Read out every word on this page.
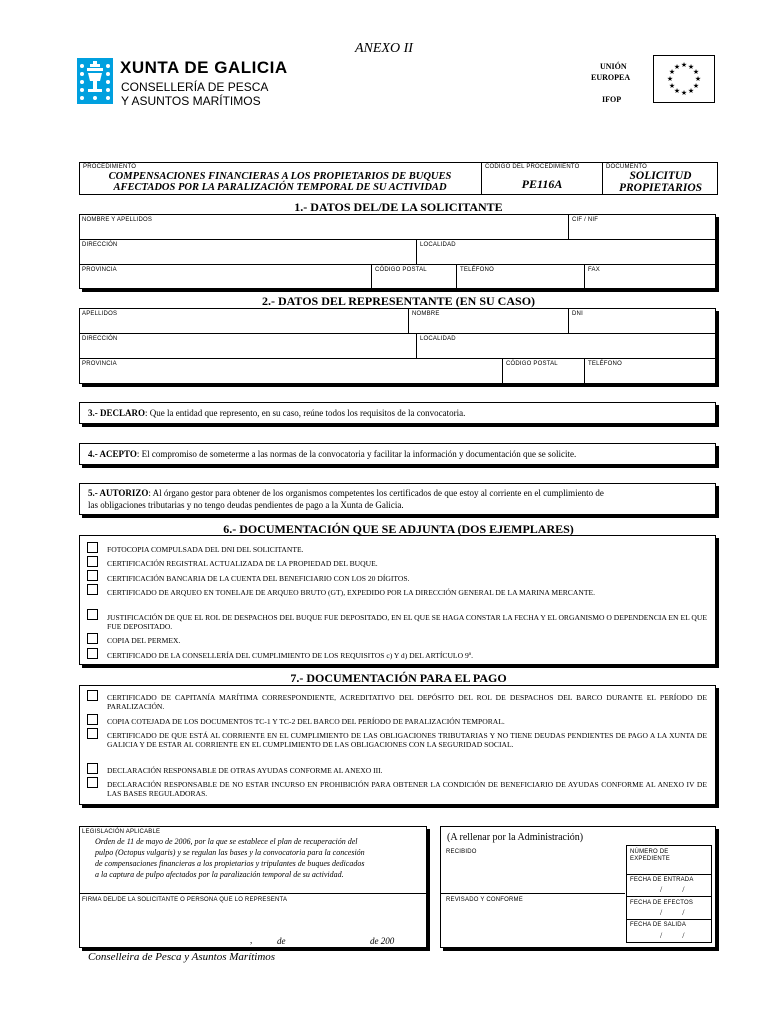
ANEXO II
XUNTA DE GALICIA
CONSELLERÍA DE PESCA
Y ASUNTOS MARÍTIMOS
UNIÓN
EUROPEA
IFOP
★ ★
★
★
★
★
★
★
★
★
★
★
PROCEDIMIENTO
COMPENSACIONES FINANCIERAS A LOS PROPIETARIOS DE BUQUES
AFECTADOS POR LA PARALIZACIÓN TEMPORAL DE SU ACTIVIDAD
CÓDIGO DEL PROCEDIMIENTO
PE116A
DOCUMENTO
SOLICITUD
PROPIETARIOS
1.- DATOS DEL/DE LA SOLICITANTE
NOMBRE Y APELLIDOS	CIF / NIF
DIRECCIÓN	LOCALIDAD
PROVINCIA	CÓDIGO POSTAL	TELÉFONO	FAX
2.- DATOS DEL REPRESENTANTE (EN SU CASO)
APELLIDOS	NOMBRE	DNI
DIRECCIÓN	LOCALIDAD
PROVINCIA	CÓDIGO POSTAL	TELÉFONO
3.- DECLARO: Que la entidad que represento, en su caso, reúne todos los requisitos de la convocatoria.
4.- ACEPTO: El compromiso de someterme a las normas de la convocatoria y facilitar la información y documentación que se solicite.
5.- AUTORIZO: Al órgano gestor para obtener de los organismos competentes los certificados de que estoy al corriente en el cumplimiento de
las obligaciones tributarias y no tengo deudas pendientes de pago a la Xunta de Galicia.
6.- DOCUMENTACIÓN QUE SE ADJUNTA (DOS EJEMPLARES)
FOTOCOPIA COMPULSADA DEL DNI DEL SOLICITANTE.
CERTIFICACIÓN REGISTRAL ACTUALIZADA DE LA PROPIEDAD DEL BUQUE.
CERTIFICACIÓN BANCARIA DE LA CUENTA DEL BENEFICIARIO CON LOS 20 DÍGITOS.
CERTIFICADO DE ARQUEO EN TONELAJE DE ARQUEO BRUTO (GT), EXPEDIDO POR LA DIRECCIÓN GENERAL DE LA MARINA MERCANTE.
JUSTIFICACIÓN DE QUE EL ROL DE DESPACHOS DEL BUQUE FUE DEPOSITADO, EN EL QUE SE HAGA CONSTAR LA FECHA Y EL ORGANISMO O DEPENDENCIA EN EL QUE FUE DEPOSITADO.
COPIA DEL PERMEX.
CERTIFICADO DE LA CONSELLERÍA DEL CUMPLIMIENTO DE LOS REQUISITOS c) Y d) DEL ARTÍCULO 9º.
7.- DOCUMENTACIÓN PARA EL PAGO
CERTIFICADO DE CAPITANÍA MARÍTIMA CORRESPONDIENTE, ACREDITATIVO DEL DEPÓSITO DEL ROL DE DESPACHOS DEL BARCO DURANTE EL PERÍODO DE PARALIZACIÓN.
COPIA COTEJADA DE LOS DOCUMENTOS TC-1 Y TC-2 DEL BARCO DEL PERÍODO DE PARALIZACIÓN TEMPORAL.
CERTIFICADO DE QUE ESTÁ AL CORRIENTE EN EL CUMPLIMIENTO DE LAS OBLIGACIONES TRIBUTARIAS Y NO TIENE DEUDAS PENDIENTES DE PAGO A LA XUNTA DE GALICIA Y DE ESTAR AL CORRIENTE EN EL CUMPLIMIENTO DE LAS OBLIGACIONES CON LA SEGURIDAD SOCIAL.
DECLARACIÓN RESPONSABLE DE OTRAS AYUDAS CONFORME AL ANEXO III.
DECLARACIÓN RESPONSABLE DE NO ESTAR INCURSO EN PROHIBICIÓN PARA OBTENER LA CONDICIÓN DE BENEFICIARIO DE AYUDAS CONFORME AL ANEXO IV DE LAS BASES REGULADORAS.
LEGISLACIÓN APLICABLE
Orden de 11 de mayo de 2006, por la que se establece el plan de recuperación del
pulpo (Octopus vulgaris) y se regulan las bases y la convocatoria para la concesión
de compensaciones financieras a los propietarios y tripulantes de buques dedicados
a la captura de pulpo afectados por la paralización temporal de su actividad.
FIRMA DEL/DE LA SOLICITANTE O PERSONA QUE LO REPRESENTA
,	de	de 200
(A rellenar por la Administración)
RECIBIDO
REVISADO Y CONFORME
NÚMERO DE
EXPEDIENTE
FECHA DE ENTRADA
/          /
FECHA DE EFECTOS
/          /
FECHA DE SALIDA
/          /
Conselleira de Pesca y Asuntos Marítimos
